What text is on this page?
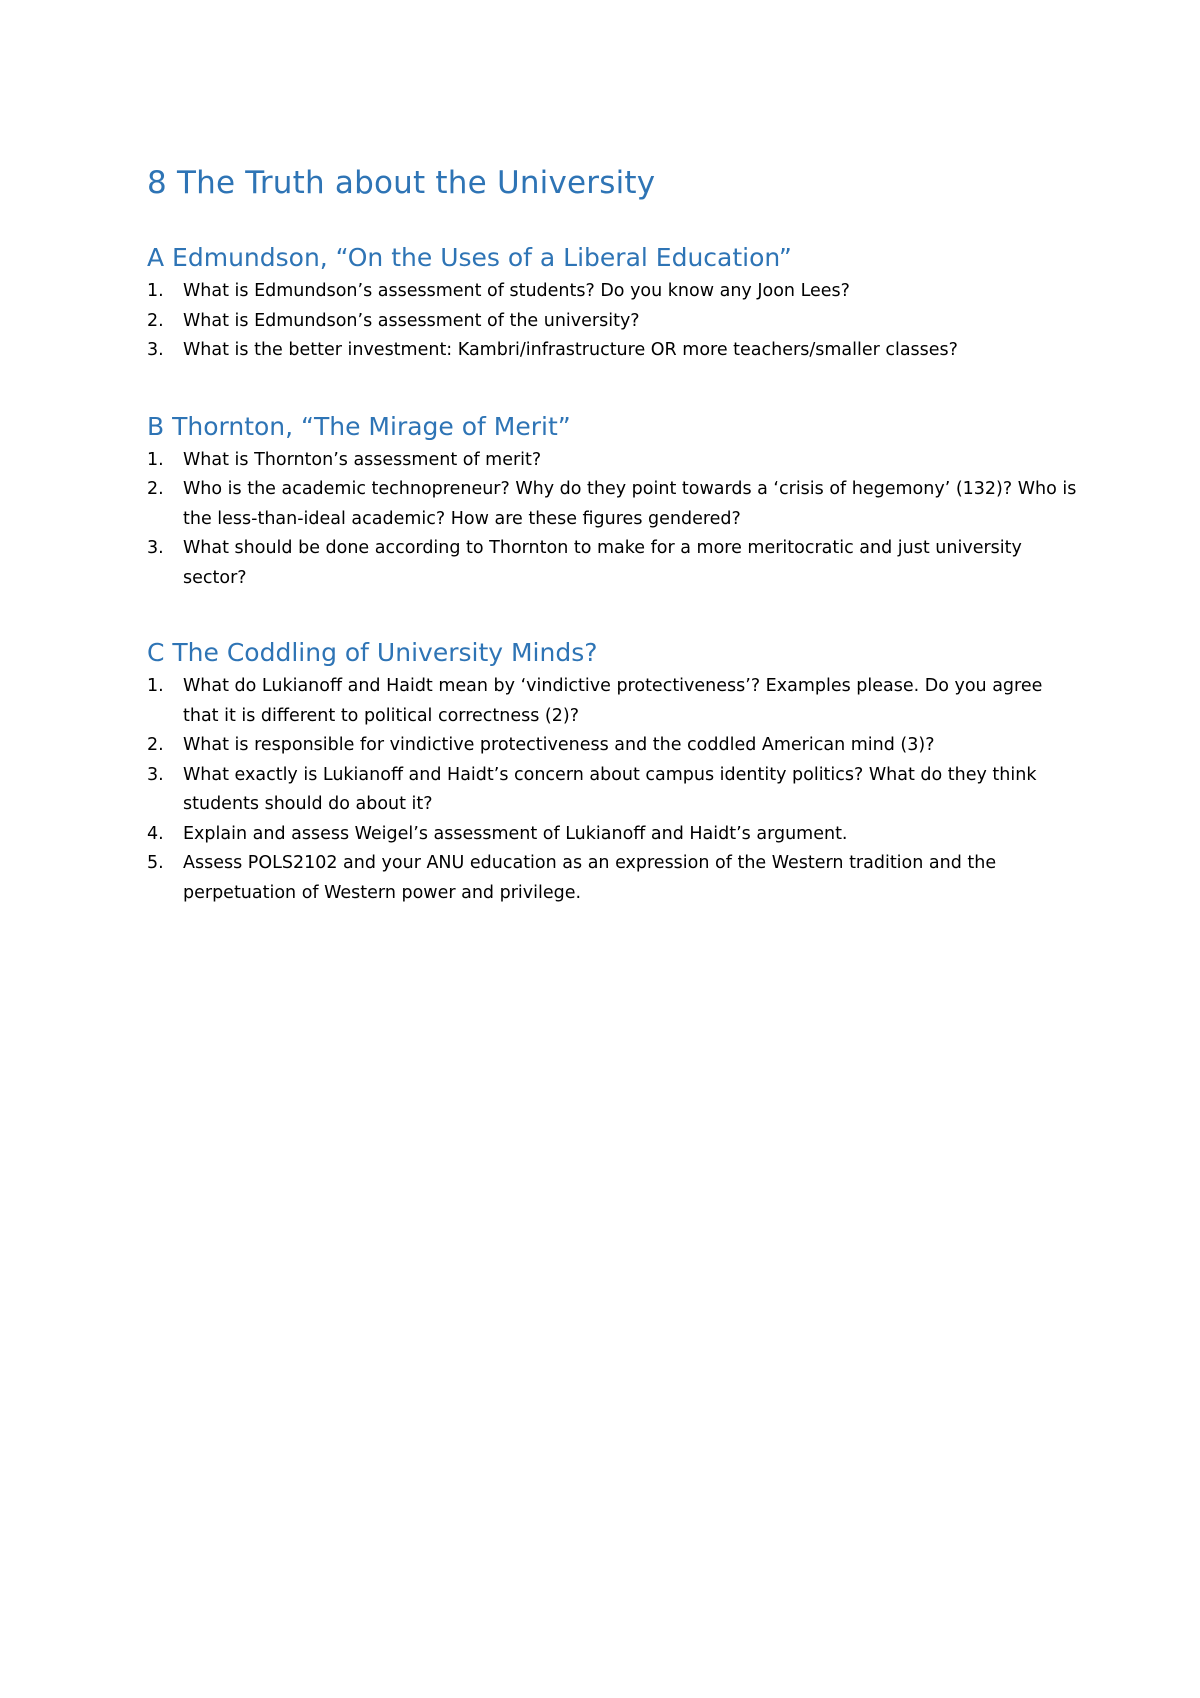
8 The Truth about the University
A Edmundson, “On the Uses of a Liberal Education”
1. What is Edmundson’s assessment of students? Do you know any Joon Lees?
2. What is Edmundson’s assessment of the university?
3. What is the better investment: Kambri/infrastructure OR more teachers/smaller classes?
B Thornton, “The Mirage of Merit”
1. What is Thornton’s assessment of merit?
2. Who is the academic technopreneur? Why do they point towards a ‘crisis of hegemony’ (132)? Who is the less-than-ideal academic? How are these figures gendered?
3. What should be done according to Thornton to make for a more meritocratic and just university sector?
C The Coddling of University Minds?
1. What do Lukianoff and Haidt mean by ‘vindictive protectiveness’? Examples please. Do you agree that it is different to political correctness (2)?
2. What is responsible for vindictive protectiveness and the coddled American mind (3)?
3. What exactly is Lukianoff and Haidt’s concern about campus identity politics? What do they think students should do about it?
4. Explain and assess Weigel’s assessment of Lukianoff and Haidt’s argument.
5. Assess POLS2102 and your ANU education as an expression of the Western tradition and the perpetuation of Western power and privilege.
